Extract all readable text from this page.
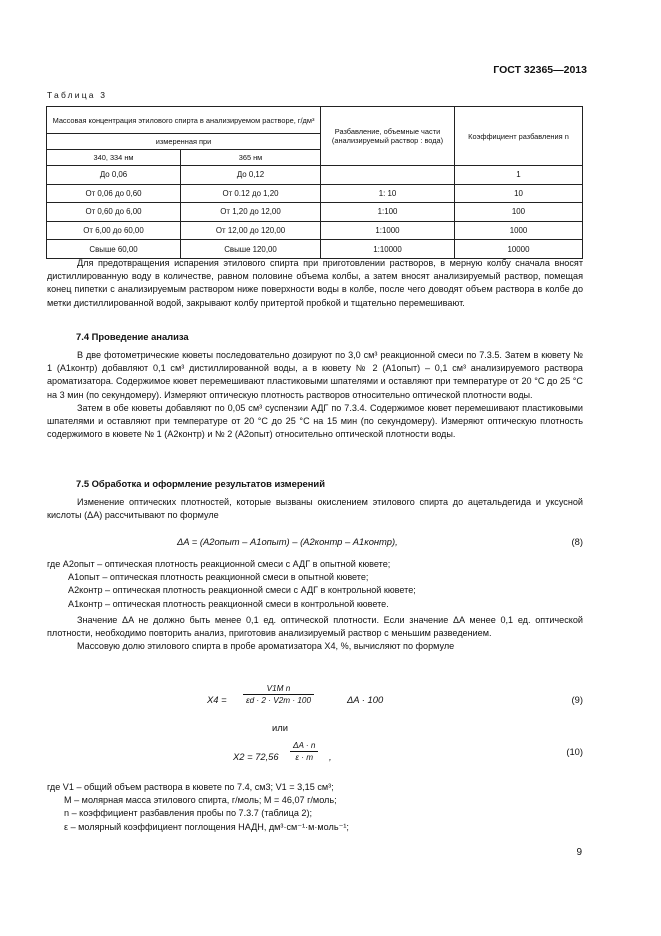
ГОСТ 32365—2013
Таблица 3
Массовая концентрация этилового спирта в анализируемом растворе, г/дм³		Разбавление, объемные части (анализируемый раствор : вода)	Коэффициент разбавления n
измеренная при			
340, 334 нм	365 нм		
До 0,06	До 0,12		1
От 0,06 до 0,60	От 0.12 до 1,20	1: 10	10
От 0,60 до 6,00	От 1,20 до 12,00	1:100	100
От 6,00 до 60,00	От 12,00 до 120,00	1:1000	1000
Свыше 60,00	Свыше 120,00	1:10000	10000

Для предотвращения испарения этилового спирта при приготовлении растворов, в мерную колбу сначала вносят дистиллированную воду в количестве, равном половине объема колбы, а затем вносят анализируемый раствор, помещая конец пипетки с анализируемым раствором ниже поверхности воды в колбе, после чего доводят объем раствора в колбе до метки дистиллированной водой, закрывают колбу притертой пробкой и тщательно перемешивают.

7.4 Проведение анализа

В две фотометрические кюветы последовательно дозируют по 3,0 см³ реакционной смеси по 7.3.5. Затем в кювету № 1 (A1контр) добавляют 0,1 см³ дистиллированной воды, а в кювету № 2 (A1опыт) – 0,1 см³ анализируемого раствора ароматизатора. Содержимое кювет перемешивают пластиковыми шпателями и оставляют при температуре от 20 °С до 25 °С на 3 мин (по секундомеру). Измеряют оптическую плотность растворов относительно оптической плотности воды.

Затем в обе кюветы добавляют по 0,05 см³ суспензии АДГ по 7.3.4. Содержимое кювет перемешивают пластиковыми шпателями и оставляют при температуре от 20 °С до 25 °С на 15 мин (по секундомеру). Измеряют оптическую плотность содержимого в кювете № 1 (A2контр) и № 2 (A2опыт) относительно оптической плотности воды.

7.5 Обработка и оформление результатов измерений

Изменение оптических плотностей, которые вызваны окислением этилового спирта до ацетальдегида и уксусной кислоты (ΔA) рассчитывают по формуле

ΔA = (A2опыт – A1опыт) – (A2контр – A1контр),	(8)

где A2опыт – оптическая плотность реакционной смеси с АДГ в опытной кювете;

A1опыт – оптическая плотность реакционной смеси в опытной кювете;

A2контр – оптическая плотность реакционной смеси с АДГ в контрольной кювете;

A1контр – оптическая плотность реакционной смеси в контрольной кювете.

Значение ΔA не должно быть менее 0,1 ед. оптической плотности. Если значение ΔA менее 0,1 ед. оптической плотности, необходимо повторить анализ, приготовив анализируемый раствор с меньшим разведением.

Массовую долю этилового спирта в пробе ароматизатора X4, %, вычисляют по формуле

$X4 = \frac{\text{V1M n}}{\varepsilon d \cdot 2 \cdot V2m \cdot 100}$	ΔA · 100	(9)
или
$X2 = 72,56 \frac{\Delta A \cdot n}{\varepsilon \cdot m}$ ,	(10)

где V1 – общий объем раствора в кювете по 7.4, см3; V1 = 3,15 см³;

M – молярная масса этилового спирта, г/моль; M = 46,07 г/моль;

n – коэффициент разбавления пробы по 7.3.7 (таблица 2);

ε – молярный коэффициент поглощения НАДН, дм³·см⁻¹·м·моль⁻¹;

9
